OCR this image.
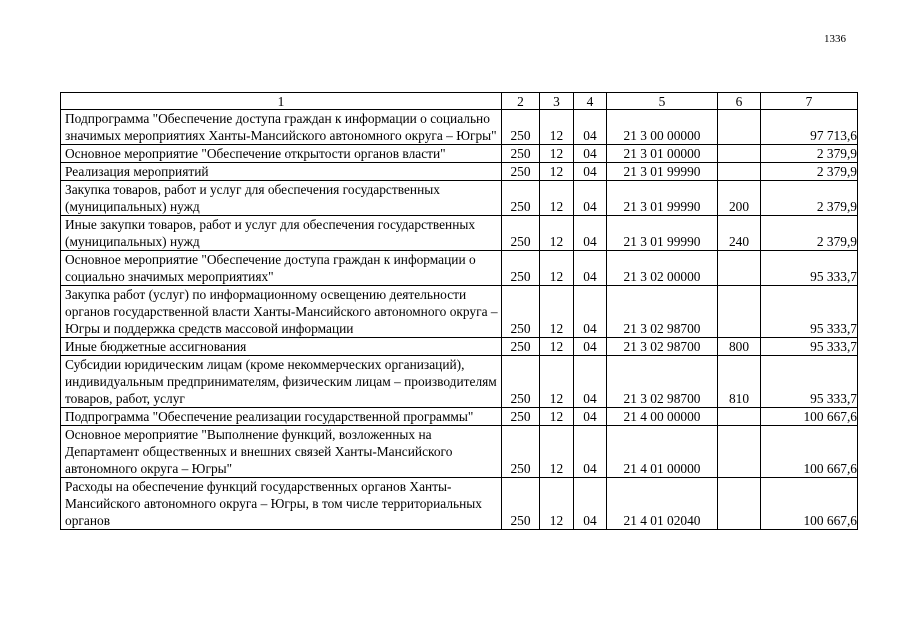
1336
1	2	3	4	5	6	7
Подпрограмма "Обеспечение доступа граждан к информации о социально значимых мероприятиях Ханты-Мансийского автономного округа – Югры"	250	12	04	21 3 00 00000		97 713,6
Основное мероприятие "Обеспечение открытости органов власти"	250	12	04	21 3 01 00000		2 379,9
Реализация мероприятий	250	12	04	21 3 01 99990		2 379,9
Закупка товаров, работ и услуг для обеспечения государственных (муниципальных) нужд	250	12	04	21 3 01 99990	200	2 379,9
Иные закупки товаров, работ и услуг для обеспечения государственных (муниципальных) нужд	250	12	04	21 3 01 99990	240	2 379,9
Основное мероприятие "Обеспечение доступа граждан к информации о социально значимых мероприятиях"	250	12	04	21 3 02 00000		95 333,7
Закупка работ (услуг) по информационному освещению деятельности органов государственной власти Ханты-Мансийского автономного округа – Югры и поддержка средств массовой информации	250	12	04	21 3 02 98700		95 333,7
Иные бюджетные ассигнования	250	12	04	21 3 02 98700	800	95 333,7
Субсидии юридическим лицам (кроме некоммерческих организаций), индивидуальным предпринимателям, физическим лицам – производителям товаров, работ, услуг	250	12	04	21 3 02 98700	810	95 333,7
Подпрограмма "Обеспечение реализации государственной программы"	250	12	04	21 4 00 00000		100 667,6
Основное мероприятие "Выполнение функций, возложенных на Департамент общественных и внешних связей Ханты-Мансийского автономного округа – Югры"	250	12	04	21 4 01 00000		100 667,6
Расходы на обеспечение функций государственных органов Ханты-Мансийского автономного округа – Югры, в том числе территориальных органов	250	12	04	21 4 01 02040		100 667,6
